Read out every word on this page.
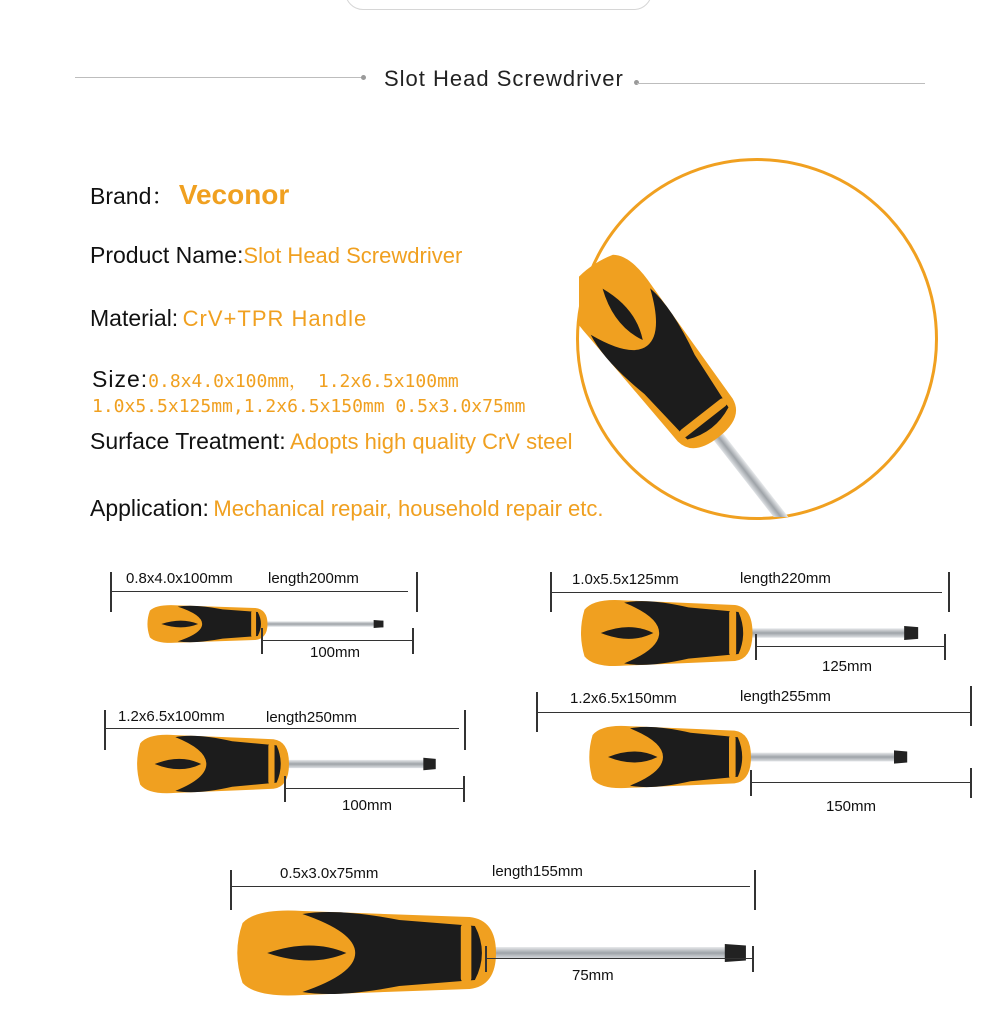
Slot Head Screwdriver
Brand： Veconor
Product Name:Slot Head Screwdriver
Material: CrV+TPR Handle
Size:0.8x4.0x100mm， 1.2x6.5x100mm
1.0x5.5x125mm,1.2x6.5x150mm 0.5x3.0x75mm
Surface Treatment: Adopts high quality CrV steel
Application: Mechanical repair, household repair etc.
0.8x4.0x100mm length200mm
100mm
1.0x5.5x125mm	length220mm
125mm
1.2x6.5x100mm	length250mm
100mm
1.2x6.5x150mm	length255mm
150mm
0.5x3.0x75mm	length155mm
75mm
